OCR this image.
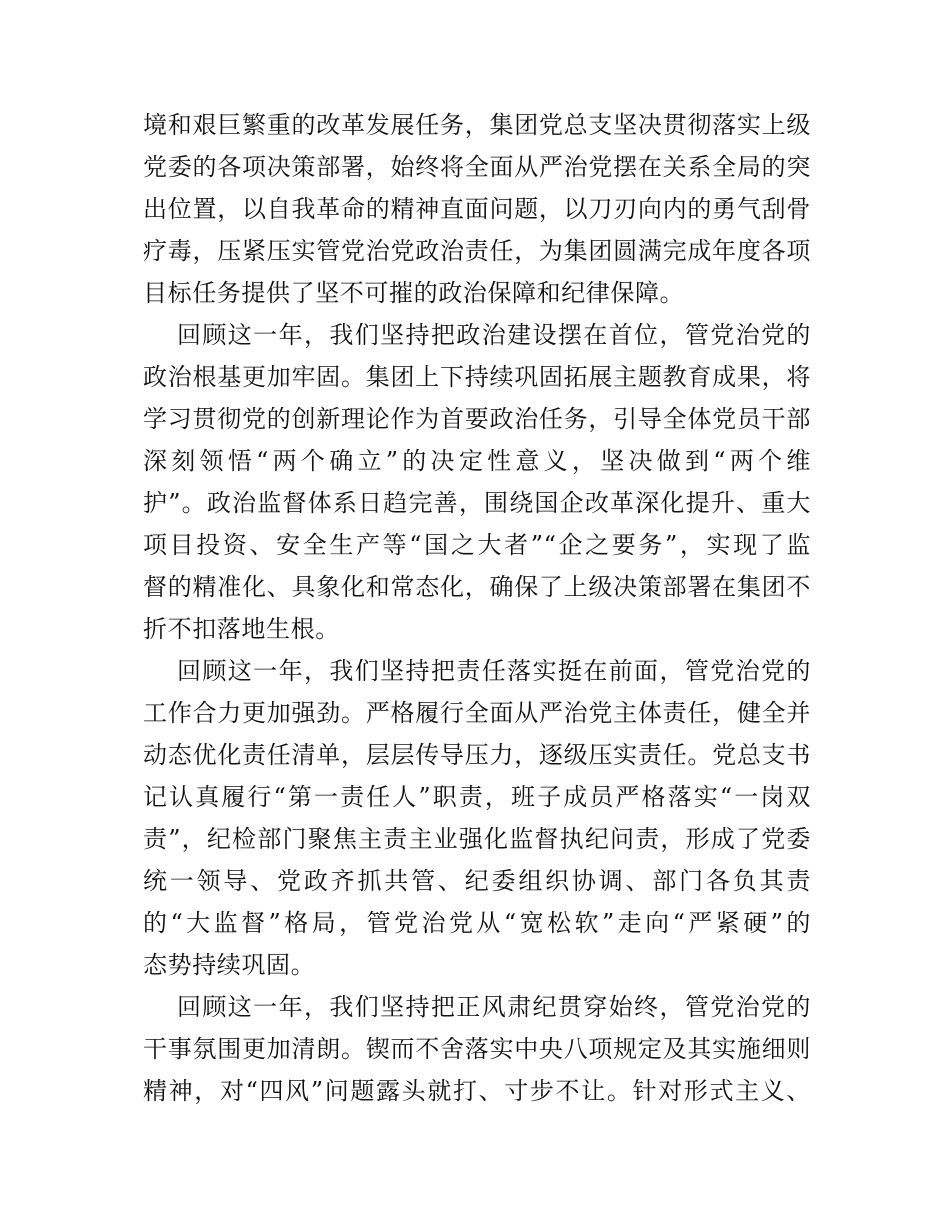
境和艰巨繁重的改革发展任务，集团党总支坚决贯彻落实上级
党委的各项决策部署，始终将全面从严治党摆在关系全局的突
出位置，以自我革命的精神直面问题，以刀刃向内的勇气刮骨
疗毒，压紧压实管党治党政治责任，为集团圆满完成年度各项
目标任务提供了坚不可摧的政治保障和纪律保障。
回顾这一年，我们坚持把政治建设摆在首位，管党治党的
政治根基更加牢固。集团上下持续巩固拓展主题教育成果，将
学习贯彻党的创新理论作为首要政治任务，引导全体党员干部
深刻领悟“两个确立”的决定性意义，坚决做到“两个维
护”。政治监督体系日趋完善，围绕国企改革深化提升、重大
项目投资、安全生产等“国之大者”“企之要务”，实现了监
督的精准化、具象化和常态化，确保了上级决策部署在集团不
折不扣落地生根。
回顾这一年，我们坚持把责任落实挺在前面，管党治党的
工作合力更加强劲。严格履行全面从严治党主体责任，健全并
动态优化责任清单，层层传导压力，逐级压实责任。党总支书
记认真履行“第一责任人”职责，班子成员严格落实“一岗双
责”，纪检部门聚焦主责主业强化监督执纪问责，形成了党委
统一领导、党政齐抓共管、纪委组织协调、部门各负其责
的“大监督”格局，管党治党从“宽松软”走向“严紧硬”的
态势持续巩固。
回顾这一年，我们坚持把正风肃纪贯穿始终，管党治党的
干事氛围更加清朗。锲而不舍落实中央八项规定及其实施细则
精神，对“四风”问题露头就打、寸步不让。针对形式主义、
